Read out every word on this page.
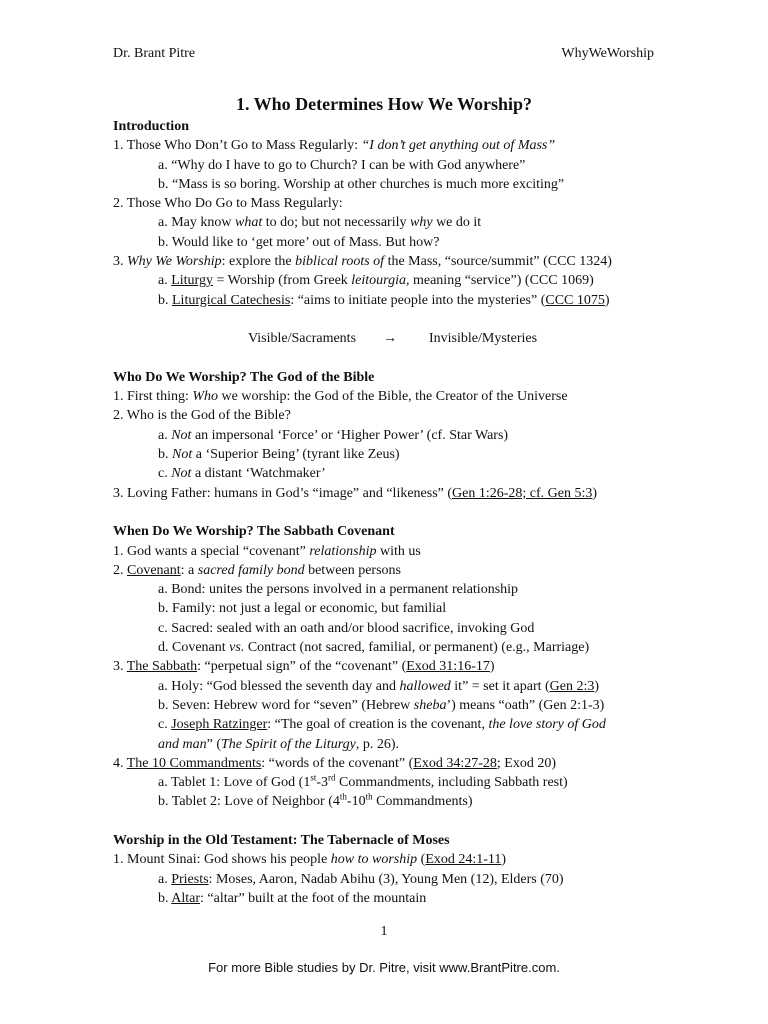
Dr. Brant Pitre	WhyWeWorship
1. Who Determines How We Worship?
Introduction
1. Those Who Don’t Go to Mass Regularly: “I don’t get anything out of Mass”
a. “Why do I have to go to Church? I can be with God anywhere”
b. “Mass is so boring. Worship at other churches is much more exciting”
2. Those Who Do Go to Mass Regularly:
a. May know what to do; but not necessarily why we do it
b. Would like to ‘get more’ out of Mass. But how?
3. Why We Worship: explore the biblical roots of the Mass, “source/summit” (CCC 1324)
a. Liturgy = Worship (from Greek leitourgia, meaning “service”) (CCC 1069)
b. Liturgical Catechesis: “aims to initiate people into the mysteries” (CCC 1075)
Visible/Sacraments → Invisible/Mysteries
Who Do We Worship? The God of the Bible
1. First thing: Who we worship: the God of the Bible, the Creator of the Universe
2. Who is the God of the Bible?
a. Not an impersonal ‘Force’ or ‘Higher Power’ (cf. Star Wars)
b. Not a ‘Superior Being’ (tyrant like Zeus)
c. Not a distant ‘Watchmaker’
3. Loving Father: humans in God’s “image” and “likeness” (Gen 1:26-28; cf. Gen 5:3)
When Do We Worship? The Sabbath Covenant
1. God wants a special “covenant” relationship with us
2. Covenant: a sacred family bond between persons
a. Bond: unites the persons involved in a permanent relationship
b. Family: not just a legal or economic, but familial
c. Sacred: sealed with an oath and/or blood sacrifice, invoking God
d. Covenant vs. Contract (not sacred, familial, or permanent) (e.g., Marriage)
3. The Sabbath: “perpetual sign” of the “covenant” (Exod 31:16-17)
a. Holy: “God blessed the seventh day and hallowed it” = set it apart (Gen 2:3)
b. Seven: Hebrew word for “seven” (Hebrew sheba’) means “oath” (Gen 2:1-3)
c. Joseph Ratzinger: “The goal of creation is the covenant, the love story of God
and man” (The Spirit of the Liturgy, p. 26).
4. The 10 Commandments: “words of the covenant” (Exod 34:27-28; Exod 20)
a. Tablet 1: Love of God (1st-3rd Commandments, including Sabbath rest)
b. Tablet 2: Love of Neighbor (4th-10th Commandments)
Worship in the Old Testament: The Tabernacle of Moses
1. Mount Sinai: God shows his people how to worship (Exod 24:1-11)
a. Priests: Moses, Aaron, Nadab Abihu (3), Young Men (12), Elders (70)
b. Altar: “altar” built at the foot of the mountain
1
For more Bible studies by Dr. Pitre, visit www.BrantPitre.com.
